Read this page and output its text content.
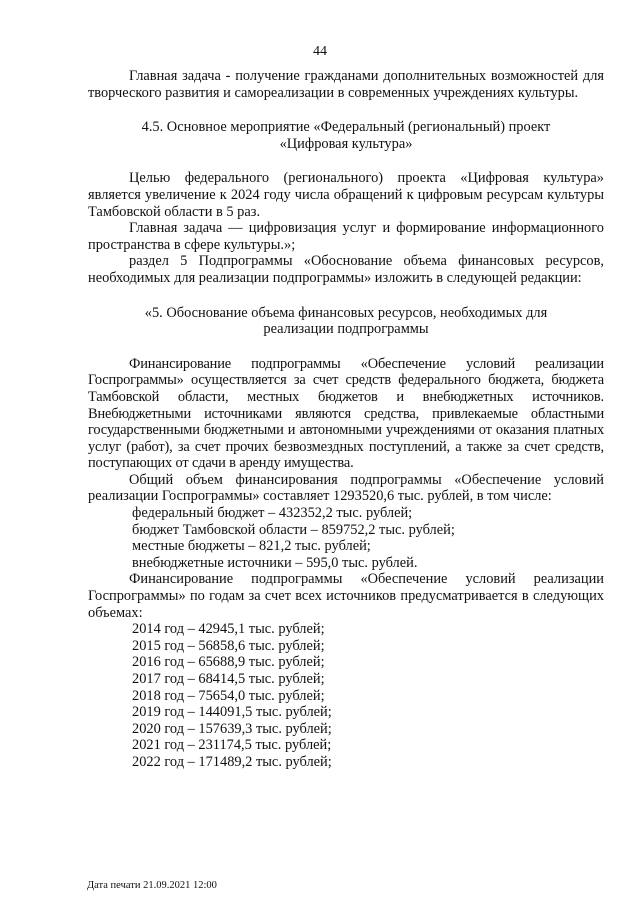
44

Главная задача - получение гражданами дополнительных возможностей для творческого развития и самореализации в современных учреждениях культуры.

4.5. Основное мероприятие «Федеральный (региональный) проект

«Цифровая культура»

Целью федерального (регионального) проекта «Цифровая культура» является увеличение к 2024 году числа обращений к цифровым ресурсам культуры Тамбовской области в 5 раз.

Главная задача — цифровизация услуг и формирование информационного пространства в сфере культуры.»;

раздел 5 Подпрограммы «Обоснование объема финансовых ресурсов, необходимых для реализации подпрограммы» изложить в следующей редакции:

«5. Обоснование объема финансовых ресурсов, необходимых для

реализации подпрограммы

Финансирование подпрограммы «Обеспечение условий реализации Госпрограммы» осуществляется за счет средств федерального бюджета, бюджета Тамбовской области, местных бюджетов и внебюджетных источников. Внебюджетными источниками являются средства, привлекаемые областными государственными бюджетными и автономными учреждениями от оказания платных услуг (работ), за счет прочих безвозмездных поступлений, а также за счет средств, поступающих от сдачи в аренду имущества.

Общий объем финансирования подпрограммы «Обеспечение условий реализации Госпрограммы» составляет 1293520,6 тыс. рублей, в том числе:

федеральный бюджет – 432352,2 тыс. рублей;

бюджет Тамбовской области – 859752,2 тыс. рублей;

местные бюджеты – 821,2 тыс. рублей;

внебюджетные источники – 595,0 тыс. рублей.

Финансирование подпрограммы «Обеспечение условий реализации Госпрограммы» по годам за счет всех источников предусматривается в следующих объемах:

2014 год – 42945,1 тыс. рублей;

2015 год – 56858,6 тыс. рублей;

2016 год – 65688,9 тыс. рублей;

2017 год – 68414,5 тыс. рублей;

2018 год – 75654,0 тыс. рублей;

2019 год – 144091,5 тыс. рублей;

2020 год – 157639,3 тыс. рублей;

2021 год – 231174,5 тыс. рублей;

2022 год – 171489,2 тыс. рублей;

Дата печати 21.09.2021 12:00
